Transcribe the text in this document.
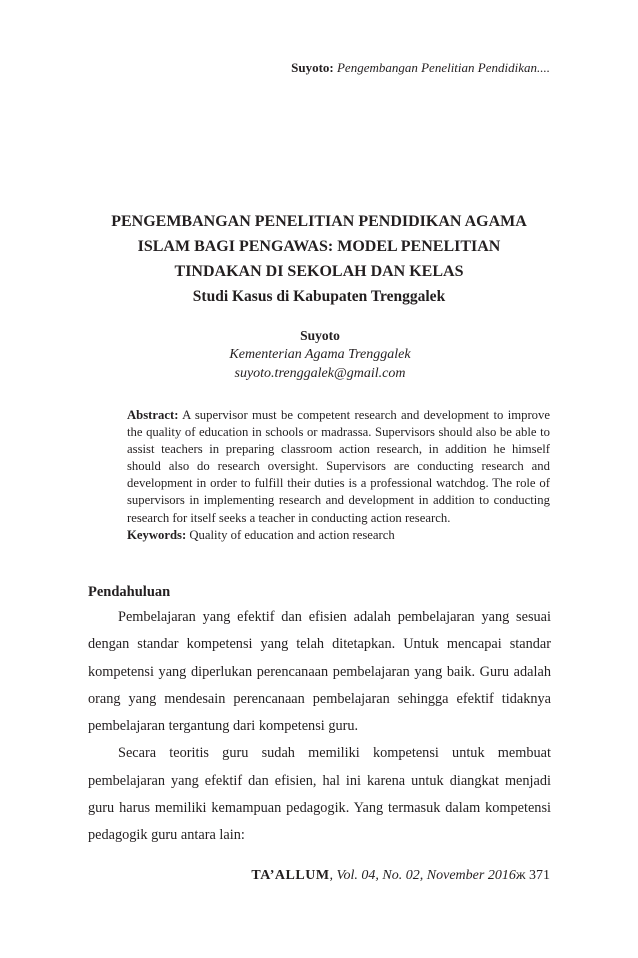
Suyoto: Pengembangan Penelitian Pendidikan....
PENGEMBANGAN PENELITIAN PENDIDIKAN AGAMA
ISLAM BAGI PENGAWAS: MODEL PENELITIAN
TINDAKAN DI SEKOLAH DAN KELAS
Studi Kasus di Kabupaten Trenggalek
Suyoto
Kementerian Agama Trenggalek
suyoto.trenggalek@gmail.com
Abstract: A supervisor must be competent research and development to improve the quality of education in schools or madrassa. Supervisors should also be able to assist teachers in preparing classroom action research, in addition he himself should also do research oversight. Supervisors are conducting research and development in order to fulfill their duties is a professional watchdog. The role of supervisors in implementing research and development in addition to conducting research for itself seeks a teacher in conducting action research.
Keywords: Quality of education and action research
Pendahuluan

Pembelajaran yang efektif dan efisien adalah pembelajaran yang sesuai dengan standar kompetensi yang telah ditetapkan. Untuk mencapai standar kompetensi yang diperlukan perencanaan pembelajaran yang baik. Guru adalah orang yang mendesain perencanaan pembelajaran sehingga efektif tidaknya pembelajaran tergantung dari kompetensi guru.

Secara teoritis guru sudah memiliki kompetensi untuk membuat pembelajaran yang efektif dan efisien, hal ini karena untuk diangkat menjadi guru harus memiliki kemampuan pedagogik. Yang termasuk dalam kompetensi pedagogik guru antara lain:

TA’ALLUM, Vol. 04, No. 02, November 2016ж 371
